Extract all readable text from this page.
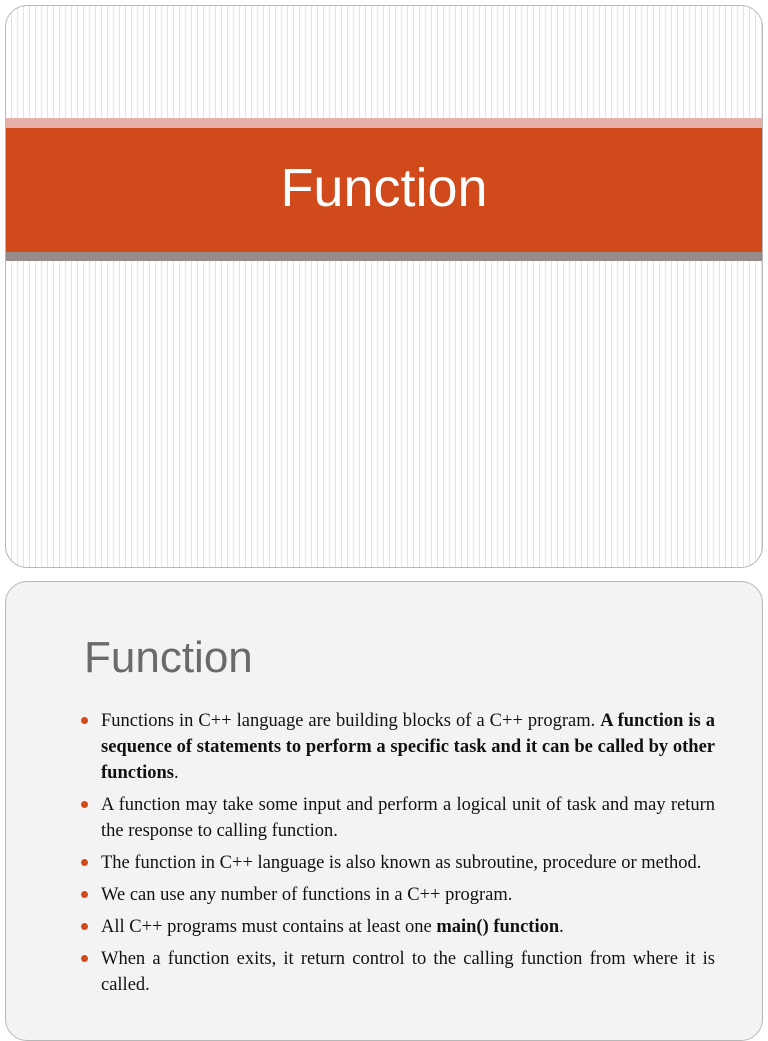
Function
Function
Functions in C++ language are building blocks of a C++ program. A function is a sequence of statements to perform a specific task and it can be called by other functions.
A function may take some input and perform a logical unit of task and may return the response to calling function.
The function in C++ language is also known as subroutine, procedure or method.
We can use any number of functions in a C++ program.
All C++ programs must contains at least one main() function.
When a function exits, it return control to the calling function from where it is called.
